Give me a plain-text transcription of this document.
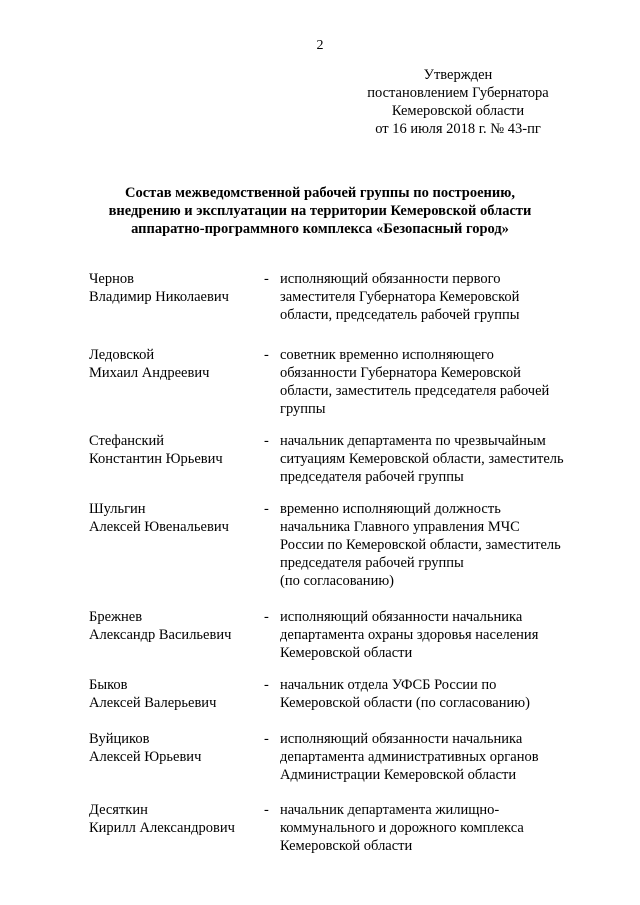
2
Утвержден
постановлением Губернатора
Кемеровской области
от 16 июля 2018 г. № 43-пг
Состав межведомственной рабочей группы по построению,
внедрению и эксплуатации на территории Кемеровской области
аппаратно-программного комплекса «Безопасный город»
Чернов
Владимир Николаевич
- исполняющий обязанности первого
заместителя Губернатора Кемеровской
области, председатель рабочей группы
Ледовской
Михаил Андреевич
- советник временно исполняющего
обязанности Губернатора Кемеровской
области, заместитель председателя рабочей
группы
Стефанский
Константин Юрьевич
- начальник департамента по чрезвычайным
ситуациям Кемеровской области, заместитель
председателя рабочей группы
Шульгин
Алексей Ювенальевич
- временно исполняющий должность
начальника Главного управления МЧС
России по Кемеровской области, заместитель
председателя рабочей группы
(по согласованию)
Брежнев
Александр Васильевич
- исполняющий обязанности начальника
департамента охраны здоровья населения
Кемеровской области
Быков
Алексей Валерьевич
- начальник отдела УФСБ России по
Кемеровской области (по согласованию)
Вуйциков
Алексей Юрьевич
- исполняющий обязанности начальника
департамента административных органов
Администрации Кемеровской области
Десяткин
Кирилл Александрович
- начальник департамента жилищно-
коммунального и дорожного комплекса
Кемеровской области
